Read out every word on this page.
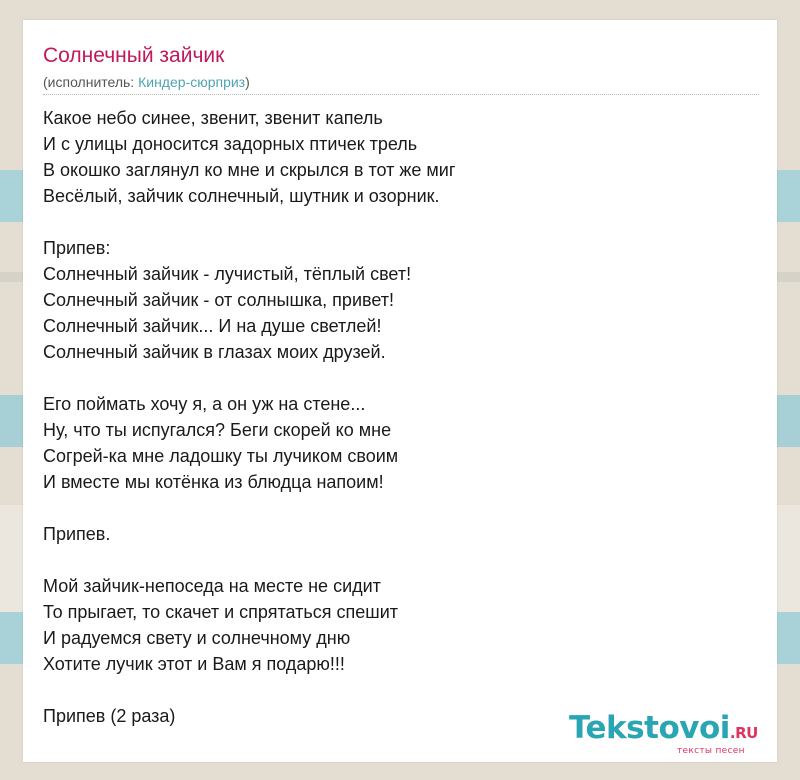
Солнечный зайчик
(исполнитель: Киндер-сюрприз)
Какое небо синее, звенит, звенит капель
И с улицы доносится задорных птичек трель
В окошко заглянул ко мне и скрылся в тот же миг
Весёлый, зайчик солнечный, шутник и озорник.
Припев:
Солнечный зайчик - лучистый, тёплый свет!
Солнечный зайчик - от солнышка, привет!
Солнечный зайчик... И на душе светлей!
Солнечный зайчик в глазах моих друзей.
Его поймать хочу я, а он уж на стене...
Ну, что ты испугался? Беги скорей ко мне
Согрей-ка мне ладошку ты лучиком своим
И вместе мы котёнка из блюдца напоим!
Припев.
Мой зайчик-непоседа на месте не сидит
То прыгает, то скачет и спрятаться спешит
И радуемся свету и солнечному дню
Хотите лучик этот и Вам я подарю!!!
Припев (2 раза)	Tekstovoi.RU
тексты песен
